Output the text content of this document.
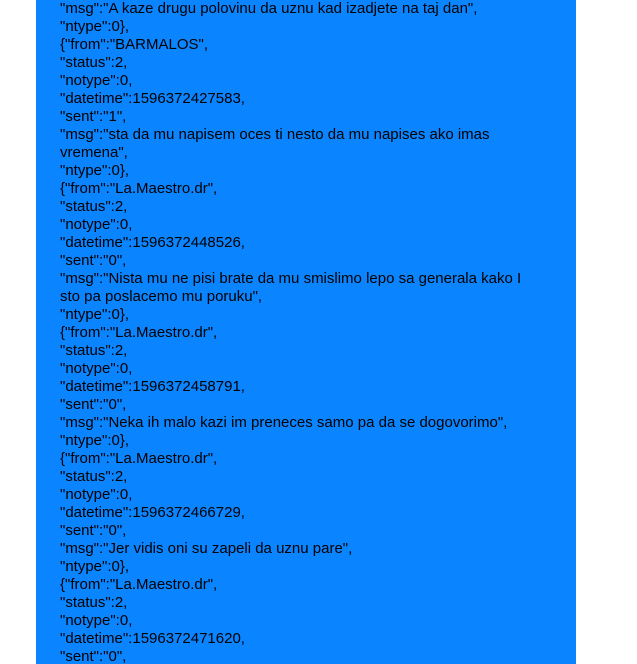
"msg":"A kaze drugu polovinu da uznu kad izadjete na taj dan",
"ntype":0},
{"from":"BARMALOS",
"status":2,
"notype":0,
"datetime":1596372427583,
"sent":"1",
"msg":"sta da mu napisem oces ti nesto da mu napises ako imas
vremena",
"ntype":0},
{"from":"La.Maestro.dr",
"status":2,
"notype":0,
"datetime":1596372448526,
"sent":"0",
"msg":"Nista mu ne pisi brate da mu smislimo lepo sa generala kako I
sto pa poslacemo mu poruku",
"ntype":0},
{"from":"La.Maestro.dr",
"status":2,
"notype":0,
"datetime":1596372458791,
"sent":"0",
"msg":"Neka ih malo kazi im preneces samo pa da se dogovorimo",
"ntype":0},
{"from":"La.Maestro.dr",
"status":2,
"notype":0,
"datetime":1596372466729,
"sent":"0",
"msg":"Jer vidis oni su zapeli da uznu pare",
"ntype":0},
{"from":"La.Maestro.dr",
"status":2,
"notype":0,
"datetime":1596372471620,
"sent":"0",
